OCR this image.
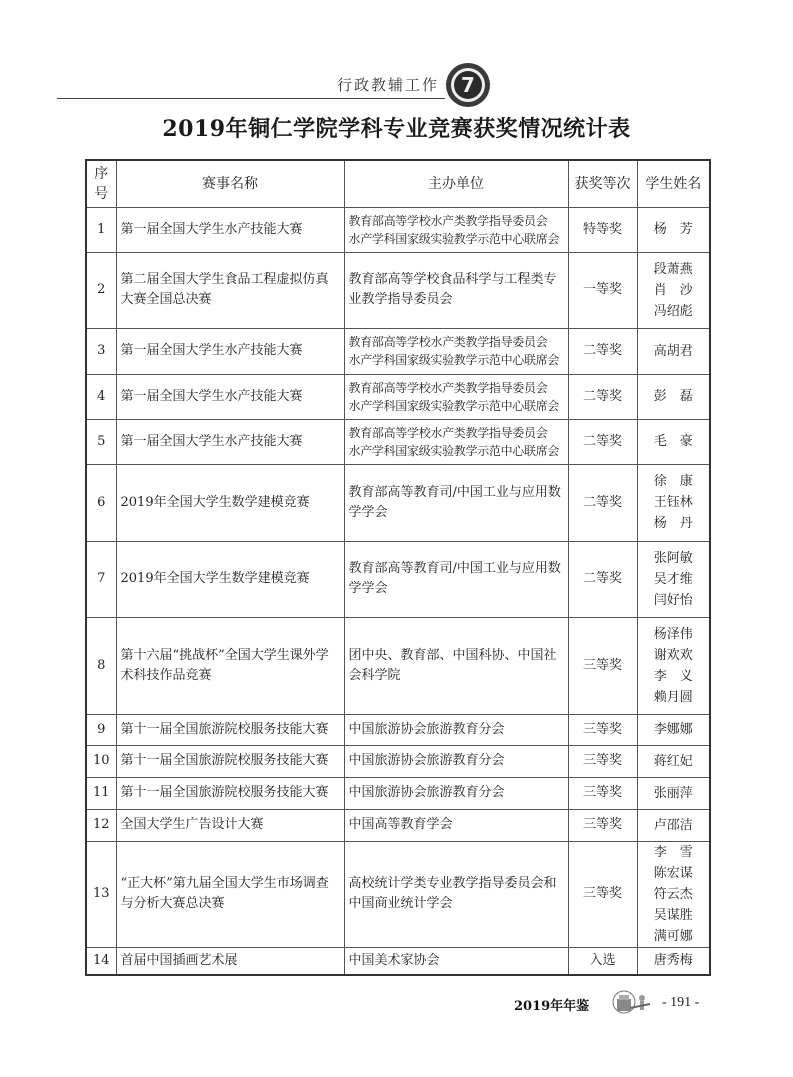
行政教辅工作 7
2019年铜仁学院学科专业竞赛获奖情况统计表
序
号	赛事名称	主办单位	获奖等次	学生姓名
1	第一届全国大学生水产技能大赛	教育部高等学校水产类教学指导委员会
水产学科国家级实验教学示范中心联席会	特等奖	杨　芳

2	第二届全国大学生食品工程虚拟仿真大赛全国总决赛	教育部高等学校食品科学与工程类专业教学指导委员会	一等奖	段萧燕
肖　沙
冯绍彪

3	第一届全国大学生水产技能大赛	教育部高等学校水产类教学指导委员会
水产学科国家级实验教学示范中心联席会	二等奖	高胡君

4	第一届全国大学生水产技能大赛	教育部高等学校水产类教学指导委员会
水产学科国家级实验教学示范中心联席会	二等奖	彭　磊

5	第一届全国大学生水产技能大赛	教育部高等学校水产类教学指导委员会
水产学科国家级实验教学示范中心联席会	二等奖	毛　豪

6	2019年全国大学生数学建模竞赛	教育部高等教育司/中国工业与应用数学学会	二等奖	徐　康
王钰林
杨　丹

7	2019年全国大学生数学建模竞赛	教育部高等教育司/中国工业与应用数学学会	二等奖	张阿敏
吴才维
闫好怡

8	第十六届“挑战杯”全国大学生课外学术科技作品竞赛	团中央、教育部、中国科协、中国社会科学院	三等奖	杨泽伟
谢欢欢
李　义
赖月圆

9	第十一届全国旅游院校服务技能大赛	中国旅游协会旅游教育分会	三等奖	李娜娜

10	第十一届全国旅游院校服务技能大赛	中国旅游协会旅游教育分会	三等奖	蒋红妃

11	第十一届全国旅游院校服务技能大赛	中国旅游协会旅游教育分会	三等奖	张丽萍

12	全国大学生广告设计大赛	中国高等教育学会	三等奖	卢邵洁

13	“正大杯”第九届全国大学生市场调查与分析大赛总决赛	高校统计学类专业教学指导委员会和中国商业统计学会	三等奖	李　雪
陈宏谋
符云杰
吴谋胜
满可娜

14	首届中国插画艺术展	中国美术家协会	入选	唐秀梅
2019年年鉴	- 191 -
